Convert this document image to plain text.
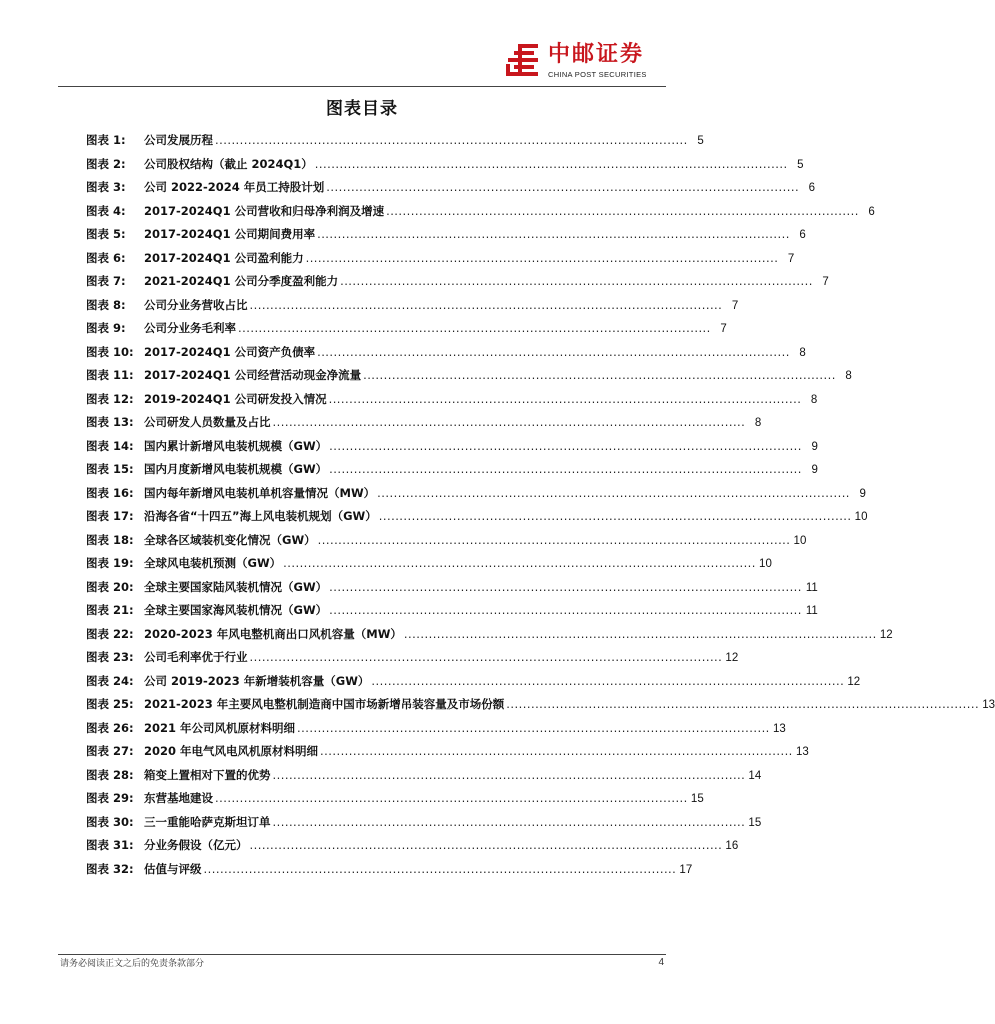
中邮证券
CHINA POST SECURITIES
图表目录
图表 1:	公司发展历程 . . .	5
图表 2:	公司股权结构（截止 2024Q1） . . .	5
图表 3:	公司 2022-2024 年员工持股计划 . . .	6
图表 4:	2017-2024Q1 公司营收和归母净利润及增速 . . .	6
图表 5:	2017-2024Q1 公司期间费用率 . . .	6
图表 6:	2017-2024Q1 公司盈利能力 . . .	7
图表 7:	2021-2024Q1 公司分季度盈利能力 . . .	7
图表 8:	公司分业务营收占比 . . .	7
图表 9:	公司分业务毛利率 . . .	7
图表 10: 2017-2024Q1 公司资产负债率 . . .	8
图表 11: 2017-2024Q1 公司经营活动现金净流量 . . .	8
图表 12: 2019-2024Q1 公司研发投入情况 . . .	8
图表 13: 公司研发人员数量及占比 . . .	8
图表 14: 国内累计新增风电装机规模（GW） . . .	9
图表 15: 国内月度新增风电装机规模（GW） . . .	9
图表 16: 国内每年新增风电装机单机容量情况（MW） . . .	9
图表 17: 沿海各省“十四五”海上风电装机规划（GW） . . .	10
图表 18: 全球各区域装机变化情况（GW） . . .	10
图表 19: 全球风电装机预测（GW） . . .	10
图表 20: 全球主要国家陆风装机情况（GW） . . .	11
图表 21: 全球主要国家海风装机情况（GW） . . .	11
图表 22: 2020-2023 年风电整机商出口风机容量（MW） . . .	12
图表 23: 公司毛利率优于行业 . . .	12
图表 24: 公司 2019-2023 年新增装机容量（GW） . . .	12
图表 25: 2021-2023 年主要风电整机制造商中国市场新增吊装容量及市场份额 . . .	13
图表 26: 2021 年公司风机原材料明细 . . .	13
图表 27: 2020 年电气风电风机原材料明细 . . .	13
图表 28: 箱变上置相对下置的优势 . . .	14
图表 29: 东营基地建设 . . .	15
图表 30: 三一重能哈萨克斯坦订单 . . .	15
图表 31: 分业务假设（亿元） . . .	16
图表 32: 估值与评级 . . .	17
请务必阅读正文之后的免责条款部分	4
